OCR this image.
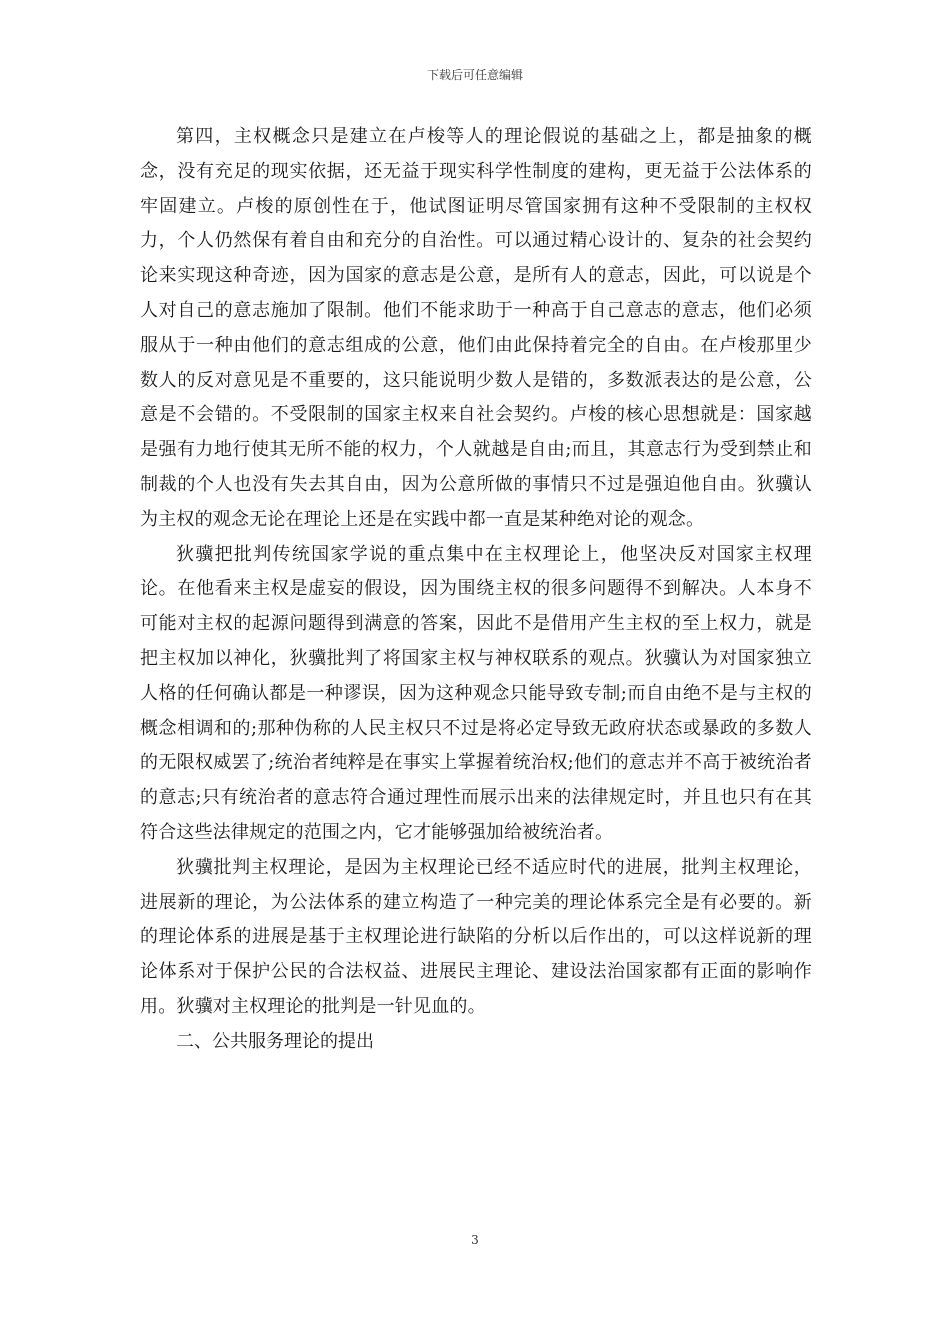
下载后可任意编辑

第四，主权概念只是建立在卢梭等人的理论假说的基础之上，都是抽象的概念，没有充足的现实依据，还无益于现实科学性制度的建构，更无益于公法体系的牢固建立。卢梭的原创性在于，他试图证明尽管国家拥有这种不受限制的主权权力，个人仍然保有着自由和充分的自治性。可以通过精心设计的、复杂的社会契约论来实现这种奇迹，因为国家的意志是公意，是所有人的意志，因此，可以说是个人对自己的意志施加了限制。他们不能求助于一种高于自己意志的意志，他们必须服从于一种由他们的意志组成的公意，他们由此保持着完全的自由。在卢梭那里少数人的反对意见是不重要的，这只能说明少数人是错的，多数派表达的是公意，公意是不会错的。不受限制的国家主权来自社会契约。卢梭的核心思想就是：国家越是强有力地行使其无所不能的权力，个人就越是自由;而且，其意志行为受到禁止和制裁的个人也没有失去其自由，因为公意所做的事情只不过是强迫他自由。狄骥认为主权的观念无论在理论上还是在实践中都一直是某种绝对论的观念。

狄骥把批判传统国家学说的重点集中在主权理论上，他坚决反对国家主权理论。在他看来主权是虚妄的假设，因为围绕主权的很多问题得不到解决。人本身不可能对主权的起源问题得到满意的答案，因此不是借用产生主权的至上权力，就是把主权加以神化，狄骥批判了将国家主权与神权联系的观点。狄骥认为对国家独立人格的任何确认都是一种谬误，因为这种观念只能导致专制;而自由绝不是与主权的概念相调和的;那种伪称的人民主权只不过是将必定导致无政府状态或暴政的多数人的无限权威罢了;统治者纯粹是在事实上掌握着统治权;他们的意志并不高于被统治者的意志;只有统治者的意志符合通过理性而展示出来的法律规定时，并且也只有在其符合这些法律规定的范围之内，它才能够强加给被统治者。

狄骥批判主权理论，是因为主权理论已经不适应时代的进展，批判主权理论，进展新的理论，为公法体系的建立构造了一种完美的理论体系完全是有必要的。新的理论体系的进展是基于主权理论进行缺陷的分析以后作出的，可以这样说新的理论体系对于保护公民的合法权益、进展民主理论、建设法治国家都有正面的影响作用。狄骥对主权理论的批判是一针见血的。

二、公共服务理论的提出

3
